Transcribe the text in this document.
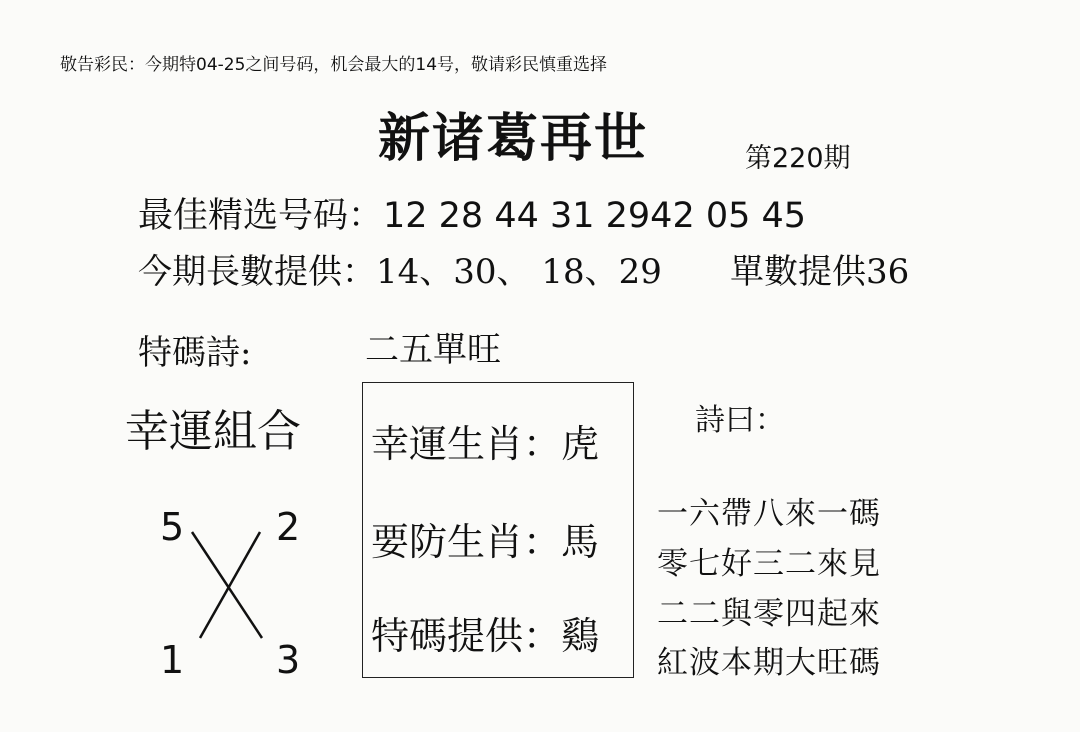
敬告彩民：今期特04-25之间号码，机会最大的14号，敬请彩民慎重选择
新诸葛再世	第220期
最佳精选号码：12 28 44 31 2942 05 45
今期長數提供：14、30、 18、29 單數提供36
特碼詩:	二五單旺
幸運組合
5 2
1 3
幸運生肖：虎
要防生肖：馬
特碼提供：鷄
詩曰：
一六帶八來一碼
零七好三二來見
二二與零四起來
紅波本期大旺碼
